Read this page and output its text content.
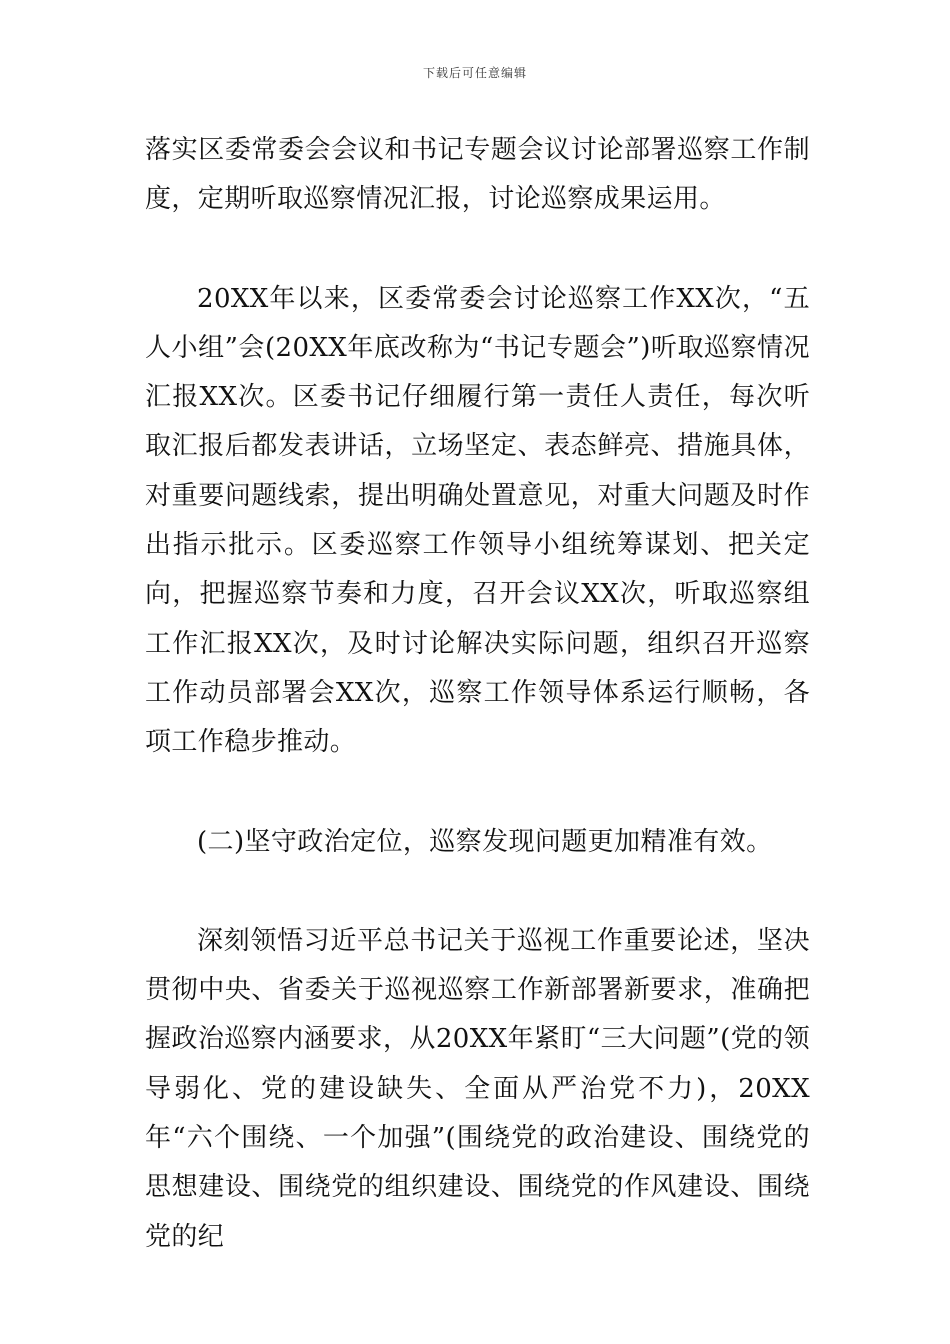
下载后可任意编辑

落实区委常委会会议和书记专题会议讨论部署巡察工作制度，定期听取巡察情况汇报，讨论巡察成果运用。

20XX年以来，区委常委会讨论巡察工作XX次，“五人小组”会(20XX年底改称为“书记专题会”)听取巡察情况汇报XX次。区委书记仔细履行第一责任人责任，每次听取汇报后都发表讲话，立场坚定、表态鲜亮、措施具体，对重要问题线索，提出明确处置意见，对重大问题及时作出指示批示。区委巡察工作领导小组统筹谋划、把关定向，把握巡察节奏和力度，召开会议XX次，听取巡察组工作汇报XX次，及时讨论解决实际问题，组织召开巡察工作动员部署会XX次，巡察工作领导体系运行顺畅，各项工作稳步推动。

(二)坚守政治定位，巡察发现问题更加精准有效。

深刻领悟习近平总书记关于巡视工作重要论述，坚决贯彻中央、省委关于巡视巡察工作新部署新要求，准确把握政治巡察内涵要求，从20XX年紧盯“三大问题”(党的领导弱化、党的建设缺失、全面从严治党不力)，20XX年“六个围绕、一个加强”(围绕党的政治建设、围绕党的思想建设、围绕党的组织建设、围绕党的作风建设、围绕党的纪
